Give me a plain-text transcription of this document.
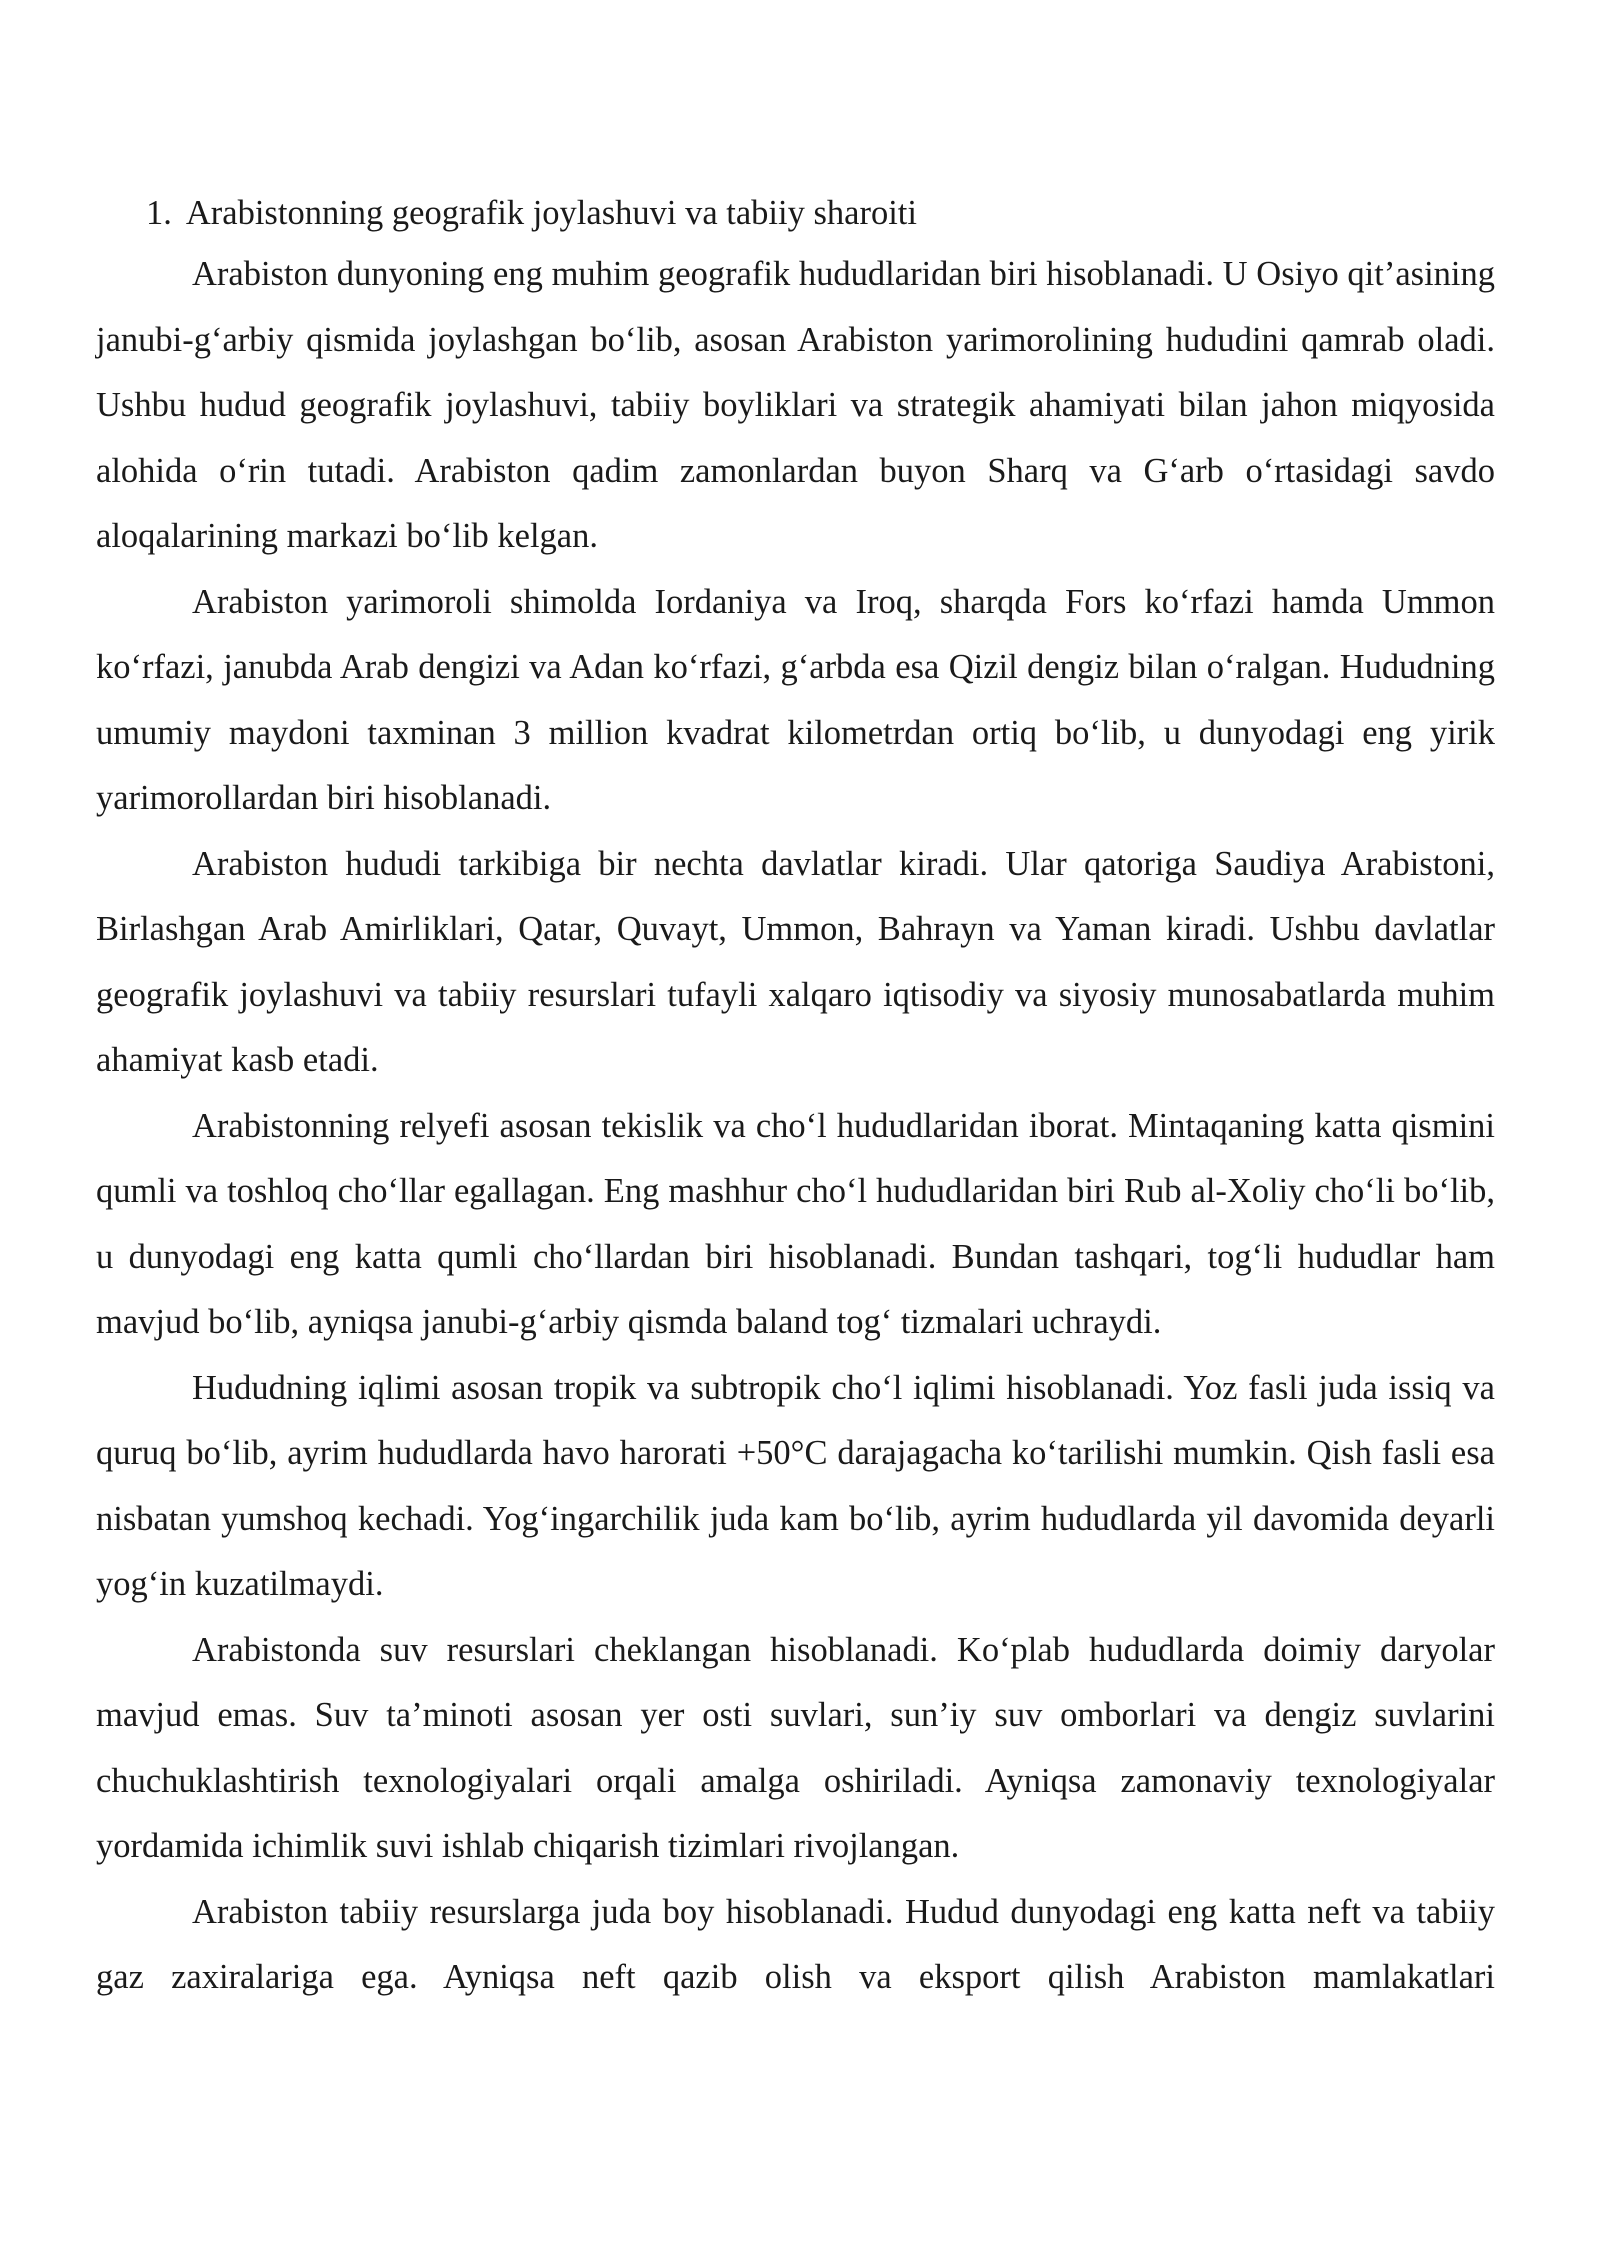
1. Arabistonning geografik joylashuvi va tabiiy sharoiti

Arabiston dunyoning eng muhim geografik hududlaridan biri hisoblanadi. U Osiyo qit’asining janubi-g‘arbiy qismida joylashgan bo‘lib, asosan Arabiston yarimorolining hududini qamrab oladi. Ushbu hudud geografik joylashuvi, tabiiy boyliklari va strategik ahamiyati bilan jahon miqyosida alohida o‘rin tutadi. Arabiston qadim zamonlardan buyon Sharq va G‘arb o‘rtasidagi savdo aloqalarining markazi bo‘lib kelgan.

Arabiston yarimoroli shimolda Iordaniya va Iroq, sharqda Fors ko‘rfazi hamda Ummon ko‘rfazi, janubda Arab dengizi va Adan ko‘rfazi, g‘arbda esa Qizil dengiz bilan o‘ralgan. Hududning umumiy maydoni taxminan 3 million kvadrat kilometrdan ortiq bo‘lib, u dunyodagi eng yirik yarimorollardan biri hisoblanadi.

Arabiston hududi tarkibiga bir nechta davlatlar kiradi. Ular qatoriga Saudiya Arabistoni, Birlashgan Arab Amirliklari, Qatar, Quvayt, Ummon, Bahrayn va Yaman kiradi. Ushbu davlatlar geografik joylashuvi va tabiiy resurslari tufayli xalqaro iqtisodiy va siyosiy munosabatlarda muhim ahamiyat kasb etadi.

Arabistonning relyefi asosan tekislik va cho‘l hududlaridan iborat. Mintaqaning katta qismini qumli va toshloq cho‘llar egallagan. Eng mashhur cho‘l hududlaridan biri Rub al-Xoliy cho‘li bo‘lib, u dunyodagi eng katta qumli cho‘llardan biri hisoblanadi. Bundan tashqari, tog‘li hududlar ham mavjud bo‘lib, ayniqsa janubi-g‘arbiy qismda baland tog‘ tizmalari uchraydi.

Hududning iqlimi asosan tropik va subtropik cho‘l iqlimi hisoblanadi. Yoz fasli juda issiq va quruq bo‘lib, ayrim hududlarda havo harorati +50°C darajagacha ko‘tarilishi mumkin. Qish fasli esa nisbatan yumshoq kechadi. Yog‘ingarchilik juda kam bo‘lib, ayrim hududlarda yil davomida deyarli yog‘in kuzatilmaydi.

Arabistonda suv resurslari cheklangan hisoblanadi. Ko‘plab hududlarda doimiy daryolar mavjud emas. Suv ta’minoti asosan yer osti suvlari, sun’iy suv omborlari va dengiz suvlarini chuchuklashtirish texnologiyalari orqali amalga oshiriladi. Ayniqsa zamonaviy texnologiyalar yordamida ichimlik suvi ishlab chiqarish tizimlari rivojlangan.

Arabiston tabiiy resurslarga juda boy hisoblanadi. Hudud dunyodagi eng katta neft va tabiiy gaz zaxiralariga ega. Ayniqsa neft qazib olish va eksport qilish Arabiston mamlakatlari
